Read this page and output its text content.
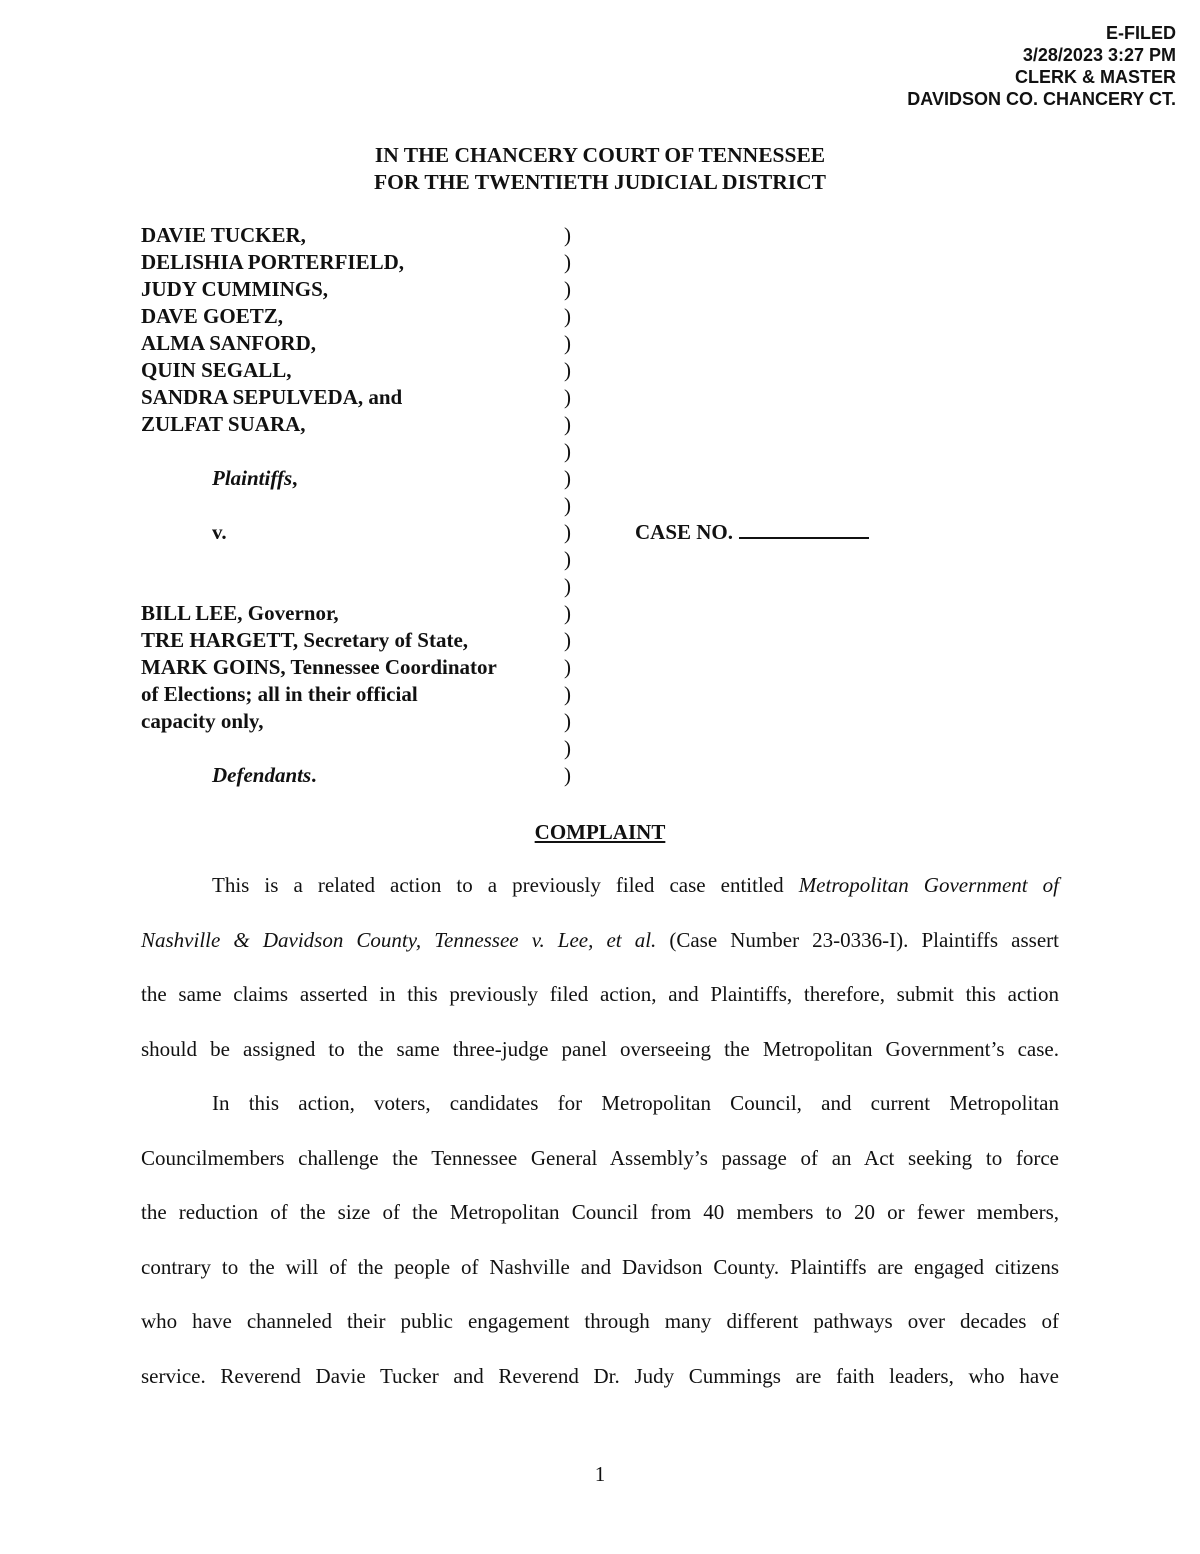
E-FILED
3/28/2023 3:27 PM
CLERK & MASTER
DAVIDSON CO. CHANCERY CT.
IN THE CHANCERY COURT OF TENNESSEE
FOR THE TWENTIETH JUDICIAL DISTRICT
DAVIE TUCKER,	)
DELISHIA PORTERFIELD,	)
JUDY CUMMINGS,	)
DAVE GOETZ,	)
ALMA SANFORD,	)
QUIN SEGALL,	)
SANDRA SEPULVEDA, and	)
ZULFAT SUARA,	)
)
Plaintiffs,	)
)
v.	)	CASE NO.
)
)
BILL LEE, Governor,	)
TRE HARGETT, Secretary of State,	)
MARK GOINS, Tennessee Coordinator	)
of Elections; all in their official	)
capacity only,	)
)
Defendants.	)
COMPLAINT
This is a related action to a previously filed case entitled Metropolitan Government of
Nashville & Davidson County, Tennessee v. Lee, et al. (Case Number 23-0336-I). Plaintiffs assert
the same claims asserted in this previously filed action, and Plaintiffs, therefore, submit this action
should be assigned to the same three-judge panel overseeing the Metropolitan Government’s case.
In this action, voters, candidates for Metropolitan Council, and current Metropolitan
Councilmembers challenge the Tennessee General Assembly’s passage of an Act seeking to force
the reduction of the size of the Metropolitan Council from 40 members to 20 or fewer members,
contrary to the will of the people of Nashville and Davidson County. Plaintiffs are engaged citizens
who have channeled their public engagement through many different pathways over decades of
service. Reverend Davie Tucker and Reverend Dr. Judy Cummings are faith leaders, who have
1
